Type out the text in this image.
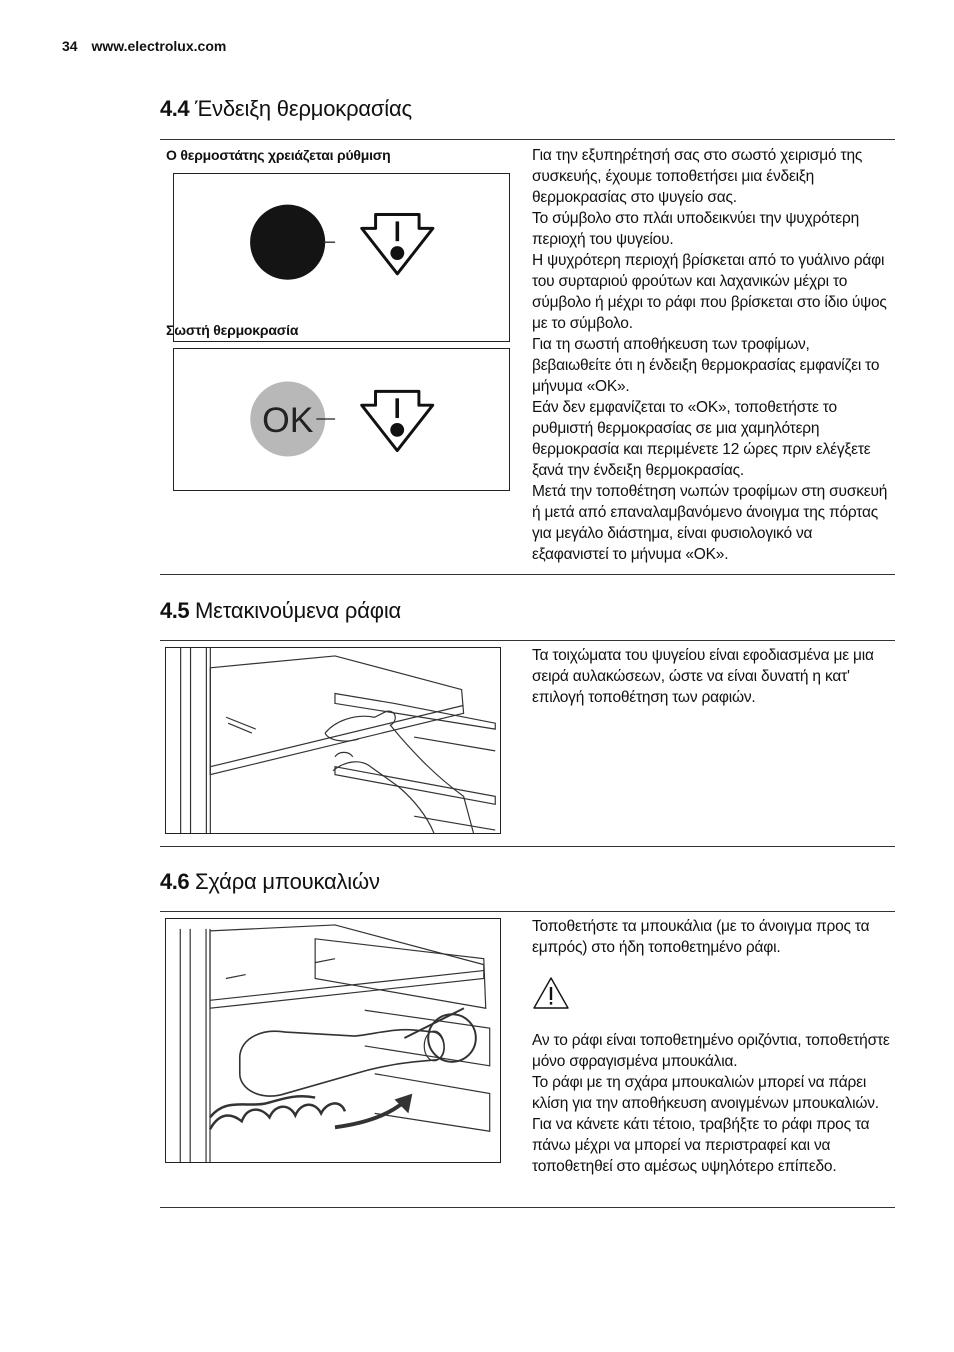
34 www.electrolux.com
4.4 Ένδειξη θερμοκρασίας
Ο θερμοστάτης χρειάζεται ρύθμιση
Σωστή θερμοκρασία
OK

Για την εξυπηρέτησή σας στο σωστό χειρισμό της συσκευής, έχουμε τοποθετήσει μια ένδειξη θερμοκρασίας στο ψυγείο σας.

Το σύμβολο στο πλάι υποδεικνύει την ψυχρότερη περιοχή του ψυγείου.

Η ψυχρότερη περιοχή βρίσκεται από το γυάλινο ράφι του συρταριού φρούτων και λαχανικών μέχρι το σύμβολο ή μέχρι το ράφι που βρίσκεται στο ίδιο ύψος με το σύμβολο.

Για τη σωστή αποθήκευση των τροφίμων, βεβαιωθείτε ότι η ένδειξη θερμοκρασίας εμφανίζει το μήνυμα «OK».

Εάν δεν εμφανίζεται το «OK», τοποθετήστε το ρυθμιστή θερμοκρασίας σε μια χαμηλότερη θερμοκρασία και περιμένετε 12 ώρες πριν ελέγξετε ξανά την ένδειξη θερμοκρασίας.

Μετά την τοποθέτηση νωπών τροφίμων στη συσκευή ή μετά από επαναλαμβανόμενο άνοιγμα της πόρτας για μεγάλο διάστημα, είναι φυσιολογικό να εξαφανιστεί το μήνυμα «OK».

4.5 Μετακινούμενα ράφια

Τα τοιχώματα του ψυγείου είναι εφοδιασμένα με μια σειρά αυλακώσεων, ώστε να είναι δυνατή η κατ' επιλογή τοποθέτηση των ραφιών.

4.6 Σχάρα μπουκαλιών

Τοποθετήστε τα μπουκάλια (με το άνοιγμα προς τα εμπρός) στο ήδη τοποθετημένο ράφι.

Αν το ράφι είναι τοποθετημένο οριζόντια, τοποθετήστε μόνο σφραγισμένα μπουκάλια.

Το ράφι με τη σχάρα μπουκαλιών μπορεί να πάρει κλίση για την αποθήκευση ανοιγμένων μπουκαλιών. Για να κάνετε κάτι τέτοιο, τραβήξτε το ράφι προς τα πάνω μέχρι να μπορεί να περιστραφεί και να τοποθετηθεί στο αμέσως υψηλότερο επίπεδο.
